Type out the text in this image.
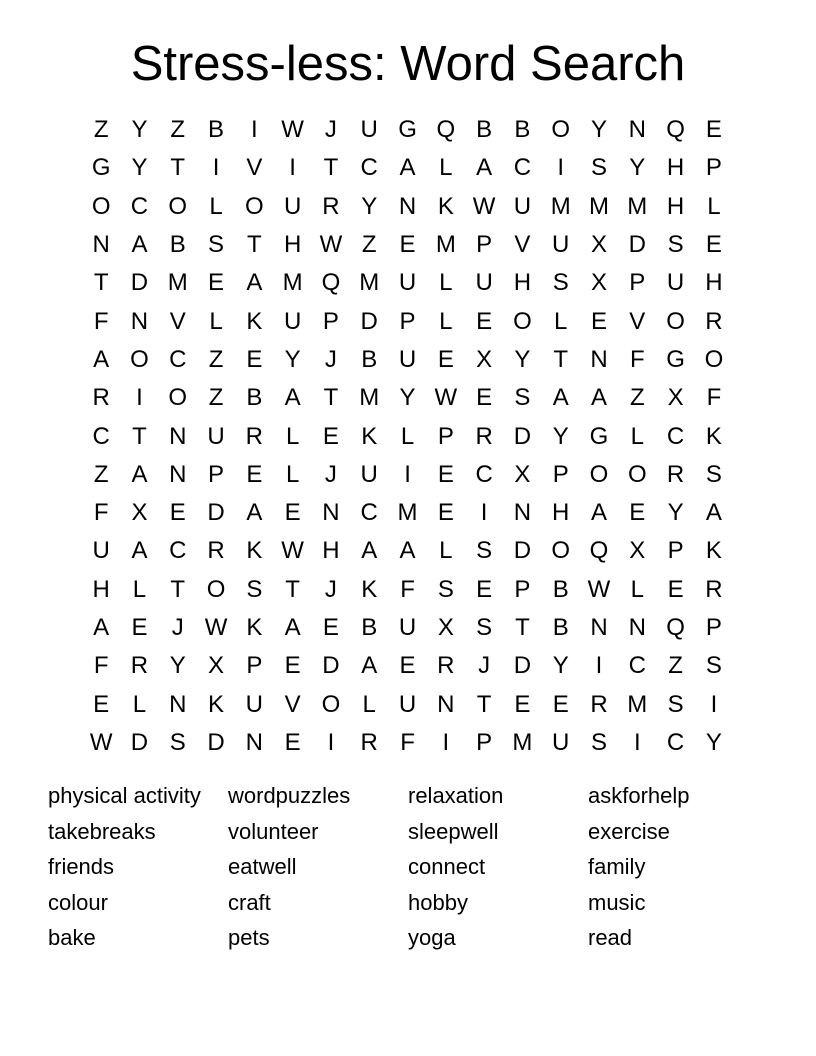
Stress-less: Word Search
Z Y Z B	I W J U G Q B B O Y N Q E
G Y T	I	V	I	T C A L A C	I	S Y H P
O C O L O U R Y N K W U M M M H L
N A B S T H W Z E M P V U X D S E
T D M E A M Q M U L U H S X P U H
F N V L K U P D P L E O L E V O R
A O C Z E Y	J	B U E X Y T N F G O
R	I	O Z B A T M Y W E S A A Z X F
C T N U R L E K L P R D Y G L C K
Z A N P E L	J U	I	E C X P O O R S
F X E D A E N C M E	I	N H A E Y A
U A C R K W H A A L S D O Q X P K
H L	T O S T	J	K F S E P B W L E R
A E	J W K A E B U X S T B N N Q P
F R Y X P E D A E R J D Y	I	C Z S
E L N K U V O L U N T E E R M S	I
W D S D N E	I	R F	I	P M U S	I	C Y
physical activity	wordpuzzles	relaxation	askforhelp
takebreaks	volunteer	sleepwell	exercise
friends	eatwell	connect	family
colour	craft	hobby	music
bake	pets	yoga	read
